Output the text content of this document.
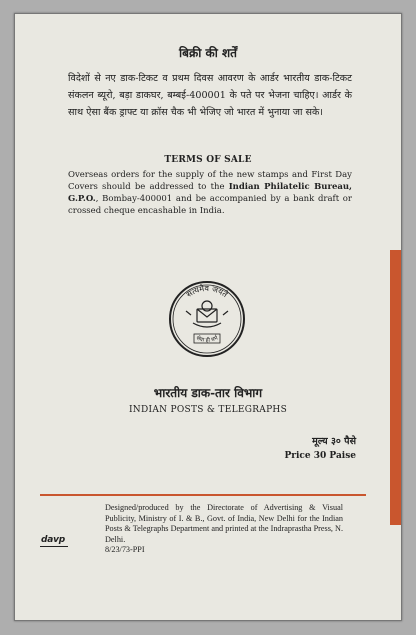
बिक्री की शर्तें
विदेशों से नए डाक-टिकट व प्रथम दिवस आवरण के आर्डर भारतीय डाक-टिकट संकलन ब्यूरो, बड़ा डाकघर, बम्बई-400001 के पते पर भेजना चाहिए। आर्डर के साथ ऐसा बैंक ड्राफ्ट या क्रॉस चैक भी भेजिए जो भारत में भुनाया जा सके।
TERMS OF SALE
Overseas orders for the supply of the new stamps and First Day Covers should be addressed to the Indian Philatelic Bureau, G.P.O., Bombay-400001 and be accompanied by a bank draft or crossed cheque encashable in India.
सत्यमेव जयते
सेवा ही धर्म
भारतीय डाक-तार विभाग
INDIAN POSTS & TELEGRAPHS
मूल्य ३० पैसे
Price 30 Paise
davp
Designed/produced by the Directorate of Advertising & Visual Publicity, Ministry of I. & B., Govt. of India, New Delhi for the Indian Posts & Telegraphs Department and printed at the Indraprastha Press, N. Delhi.
8/23/73-PPI
